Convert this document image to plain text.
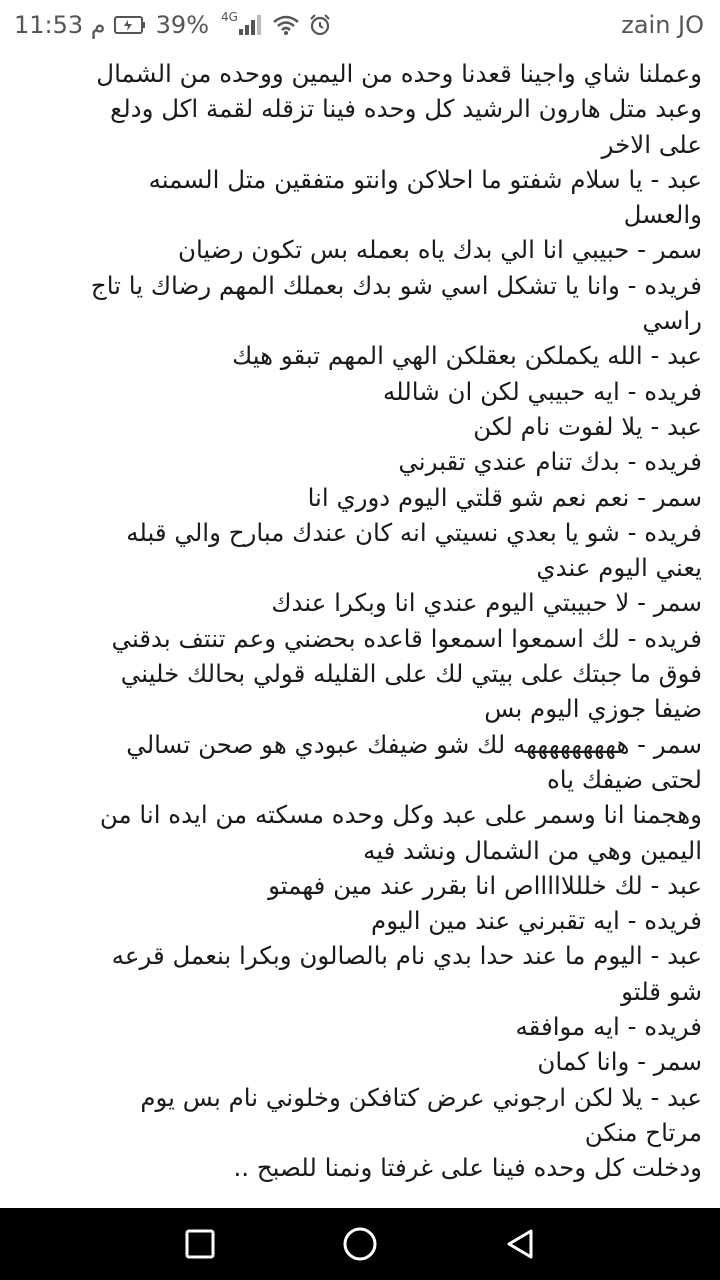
11:53 م 39% 4G	zain JO
وعملنا شاي واجينا قعدنا وحده من اليمين ووحده من الشمال
وعبد متل هارون الرشيد كل وحده فينا تزقله لقمة اكل ودلع
على الاخر
عبد - يا سلام شفتو ما احلاكن وانتو متفقين متل السمنه
والعسل
سمر - حبيبي انا الي بدك ياه بعمله بس تكون رضيان
فريده - وانا يا تشكل اسي شو بدك بعملك المهم رضاك يا تاج
راسي
عبد - الله يكملكن بعقلكن الهي المهم تبقو هيك
فريده - ايه حبيبي لكن ان شالله
عبد - يلا لفوت نام لكن
فريده - بدك تنام عندي تقبرني
سمر - نعم نعم شو قلتي اليوم دوري انا
فريده - شو يا بعدي نسيتي انه كان عندك مبارح والي قبله
يعني اليوم عندي
سمر - لا حبيبتي اليوم عندي انا وبكرا عندك
فريده - لك اسمعوا اسمعوا قاعده بحضني وعم تنتف بدقني
فوق ما جبتك على بيتي لك على القليله قولي بحالك خليني
ضيفا جوزي اليوم بس
سمر - هههههههههه لك شو ضيفك عبودي هو صحن تسالي
لحتى ضيفك ياه
وهجمنا انا وسمر على عبد وكل وحده مسكته من ايده انا من
اليمين وهي من الشمال ونشد فيه
عبد - لك خلللاااااص انا بقرر عند مين فهمتو
فريده - ايه تقبرني عند مين اليوم
عبد - اليوم ما عند حدا بدي نام بالصالون وبكرا بنعمل قرعه
شو قلتو
فريده - ايه موافقه
سمر - وانا كمان
عبد - يلا لكن ارجوني عرض كتافكن وخلوني نام بس يوم
مرتاح منكن
ودخلت كل وحده فينا على غرفتا ونمنا للصبح ..
